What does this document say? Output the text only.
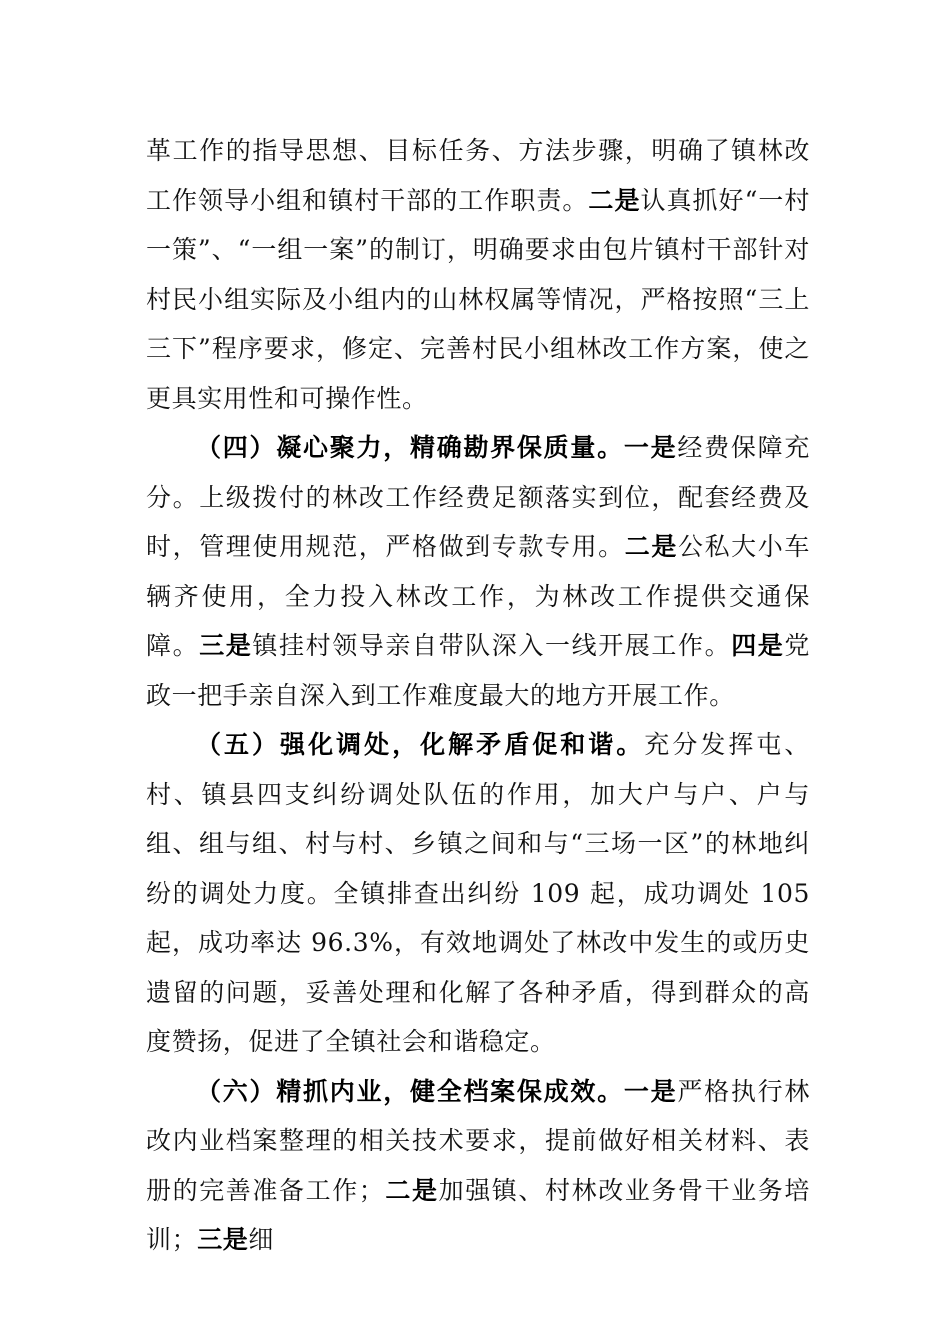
革工作的指导思想、目标任务、方法步骤，明确了镇林改工作领导小组和镇村干部的工作职责。二是认真抓好“一村一策”、“一组一案”的制订，明确要求由包片镇村干部针对村民小组实际及小组内的山林权属等情况，严格按照“三上三下”程序要求，修定、完善村民小组林改工作方案，使之更具实用性和可操作性。

（四）凝心聚力，精确勘界保质量。一是经费保障充分。上级拨付的林改工作经费足额落实到位，配套经费及时，管理使用规范，严格做到专款专用。二是公私大小车辆齐使用，全力投入林改工作，为林改工作提供交通保障。三是镇挂村领导亲自带队深入一线开展工作。四是党政一把手亲自深入到工作难度最大的地方开展工作。

（五）强化调处，化解矛盾促和谐。充分发挥屯、村、镇县四支纠纷调处队伍的作用，加大户与户、户与组、组与组、村与村、乡镇之间和与“三场一区”的林地纠纷的调处力度。全镇排查出纠纷 109 起，成功调处 105 起，成功率达 96.3%，有效地调处了林改中发生的或历史遗留的问题，妥善处理和化解了各种矛盾，得到群众的高度赞扬，促进了全镇社会和谐稳定。

（六）精抓内业，健全档案保成效。一是严格执行林改内业档案整理的相关技术要求，提前做好相关材料、表册的完善准备工作；二是加强镇、村林改业务骨干业务培训；三是细
